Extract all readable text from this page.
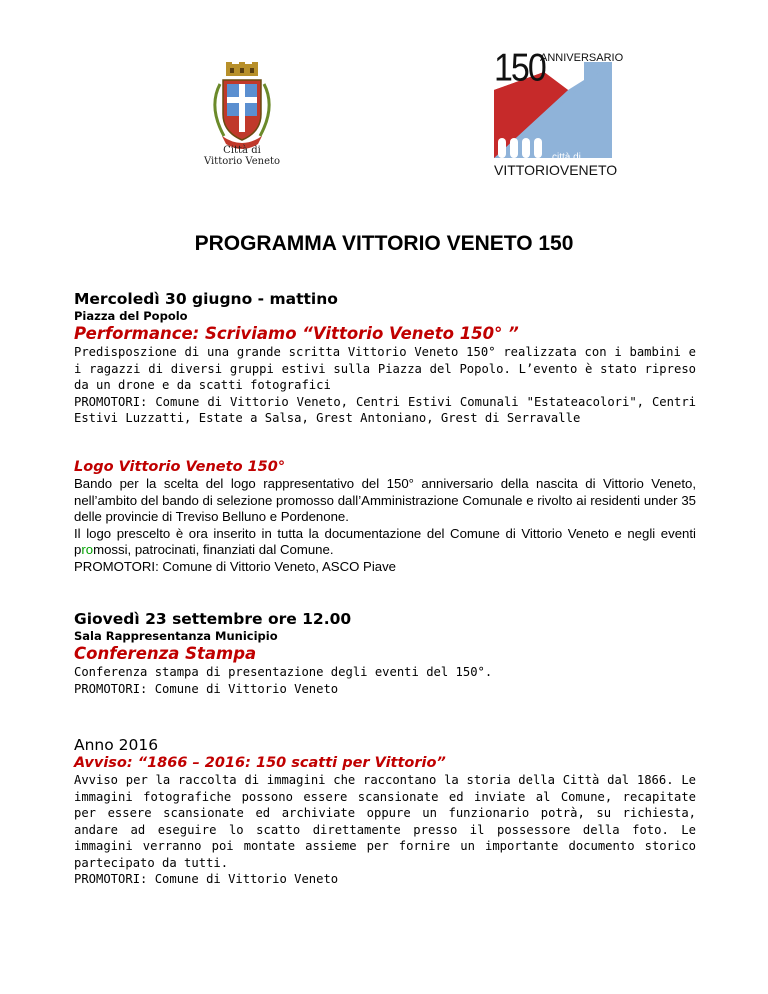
Città di
Vittorio Veneto
150
ANNIVERSARIO
città di
VITTORIOVENETO
PROGRAMMA VITTORIO VENETO 150

Mercoledì 30 giugno - mattino

Piazza del Popolo

Performance: Scriviamo “Vittorio Veneto 150° ”

Predisposzione di una grande scritta Vittorio Veneto 150° realizzata con i bambini e i ragazzi di diversi gruppi estivi sulla Piazza del Popolo. L’evento è stato ripreso da un drone e da scatti fotografici

PROMOTORI: Comune di Vittorio Veneto, Centri Estivi Comunali "Estateacolori", Centri Estivi Luzzatti, Estate a Salsa, Grest Antoniano, Grest di Serravalle

Logo Vittorio Veneto 150°

Bando per la scelta del logo rappresentativo del 150° anniversario della nascita di Vittorio Veneto, nell’ambito del bando di selezione promosso dall’Amministrazione Comunale e rivolto ai residenti under 35 delle provincie di Treviso Belluno e Pordenone.

Il logo prescelto è ora inserito in tutta la documentazione del Comune di Vittorio Veneto e negli eventi promossi, patrocinati, finanziati dal Comune.

PROMOTORI: Comune di Vittorio Veneto, ASCO Piave

Giovedì 23 settembre ore 12.00

Sala Rappresentanza Municipio

Conferenza Stampa

Conferenza stampa di presentazione degli eventi del 150°.

PROMOTORI: Comune di Vittorio Veneto

Anno 2016

Avviso: “1866 – 2016: 150 scatti per Vittorio”

Avviso per la raccolta di immagini che raccontano la storia della Città dal 1866. Le immagini fotografiche possono essere scansionate ed inviate al Comune, recapitate per essere scansionate ed archiviate oppure un funzionario potrà, su richiesta, andare ad eseguire lo scatto direttamente presso il possessore della foto. Le immagini verranno poi montate assieme per fornire un importante documento storico partecipato da tutti.

PROMOTORI: Comune di Vittorio Veneto
